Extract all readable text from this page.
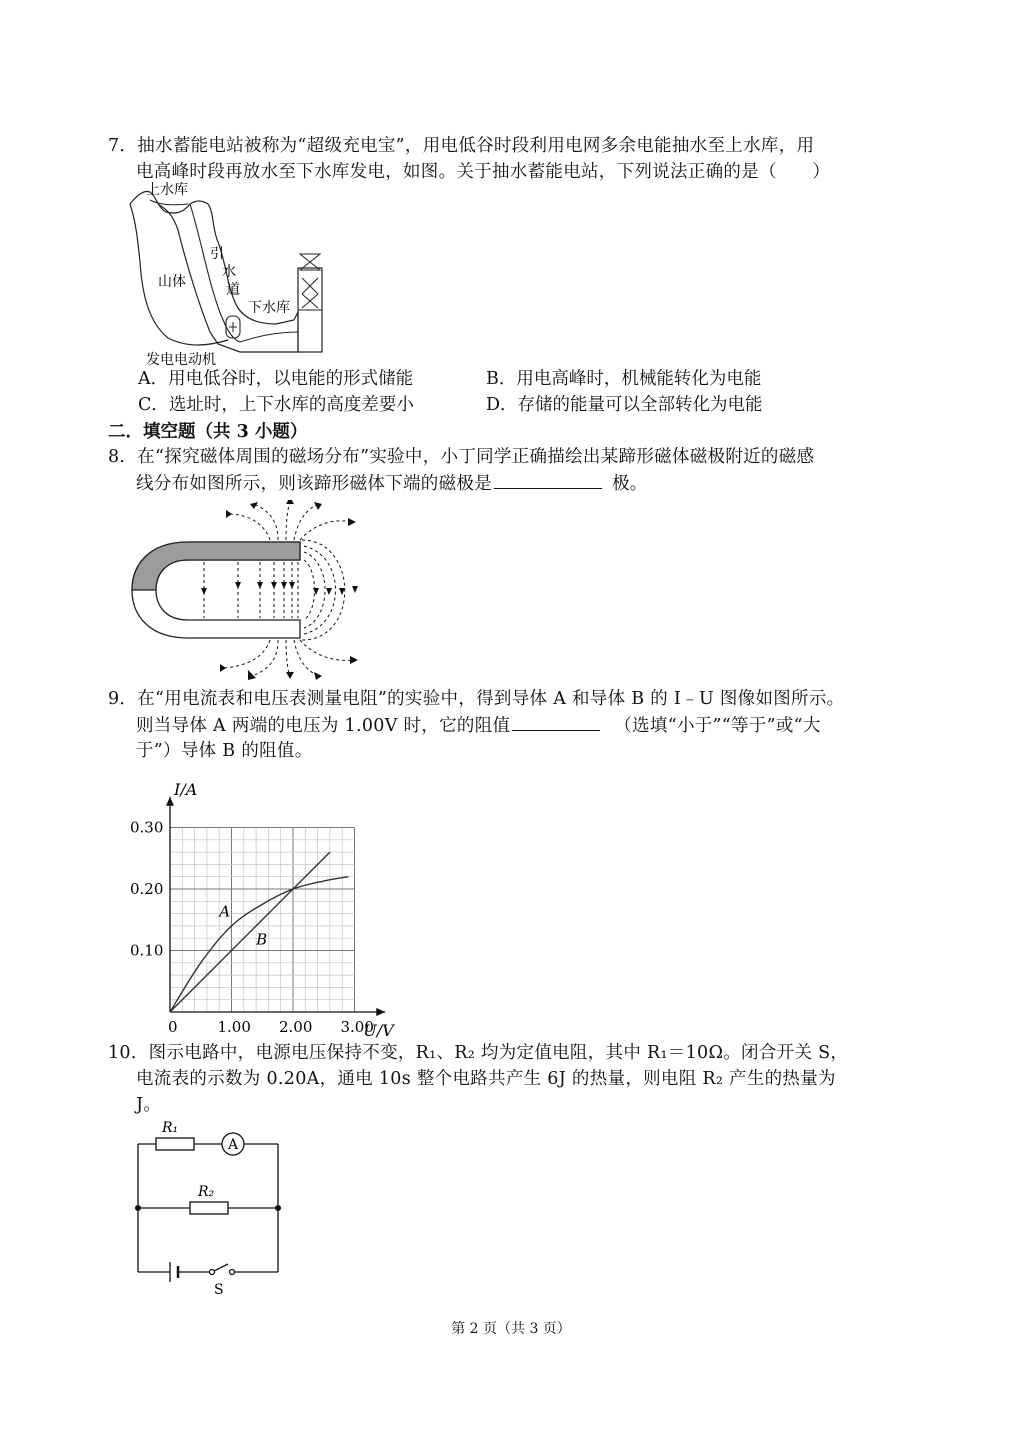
7．抽水蓄能电站被称为“超级充电宝”，用电低谷时段利用电网多余电能抽水至上水库，用
电高峰时段再放水至下水库发电，如图。关于抽水蓄能电站，下列说法正确的是（　　）
上水库
山体
引
水
道
下水库
发电电动机
A．用电低谷时，以电能的形式储能	B．用电高峰时，机械能转化为电能
C．选址时，上下水库的高度差要小	D．存储的能量可以全部转化为电能
二．填空题（共 3 小题）
8．在“探究磁体周围的磁场分布”实验中，小丁同学正确描绘出某蹄形磁体磁极附近的磁感
线分布如图所示，则该蹄形磁体下端的磁极是	极。
9．在“用电流表和电压表测量电阻”的实验中，得到导体 A 和导体 B 的 I﹣U 图像如图所示。
则当导体 A 两端的电压为 1.00V 时，它的阻值	（选填“小于”“等于”或“大
于”）导体 B 的阻值。
0	1.00 2.00 3.00
0.10
0.20
0.30
U/V
I/A
A
B
10．图示电路中，电源电压保持不变，R₁、R₂ 均为定值电阻，其中 R₁＝10Ω。闭合开关 S，
电流表的示数为 0.20A，通电 10s 整个电路共产生 6J 的热量，则电阻 R₂ 产生的热量为
J。
R₁
A
R₂
S
第 2 页（共 3 页）
